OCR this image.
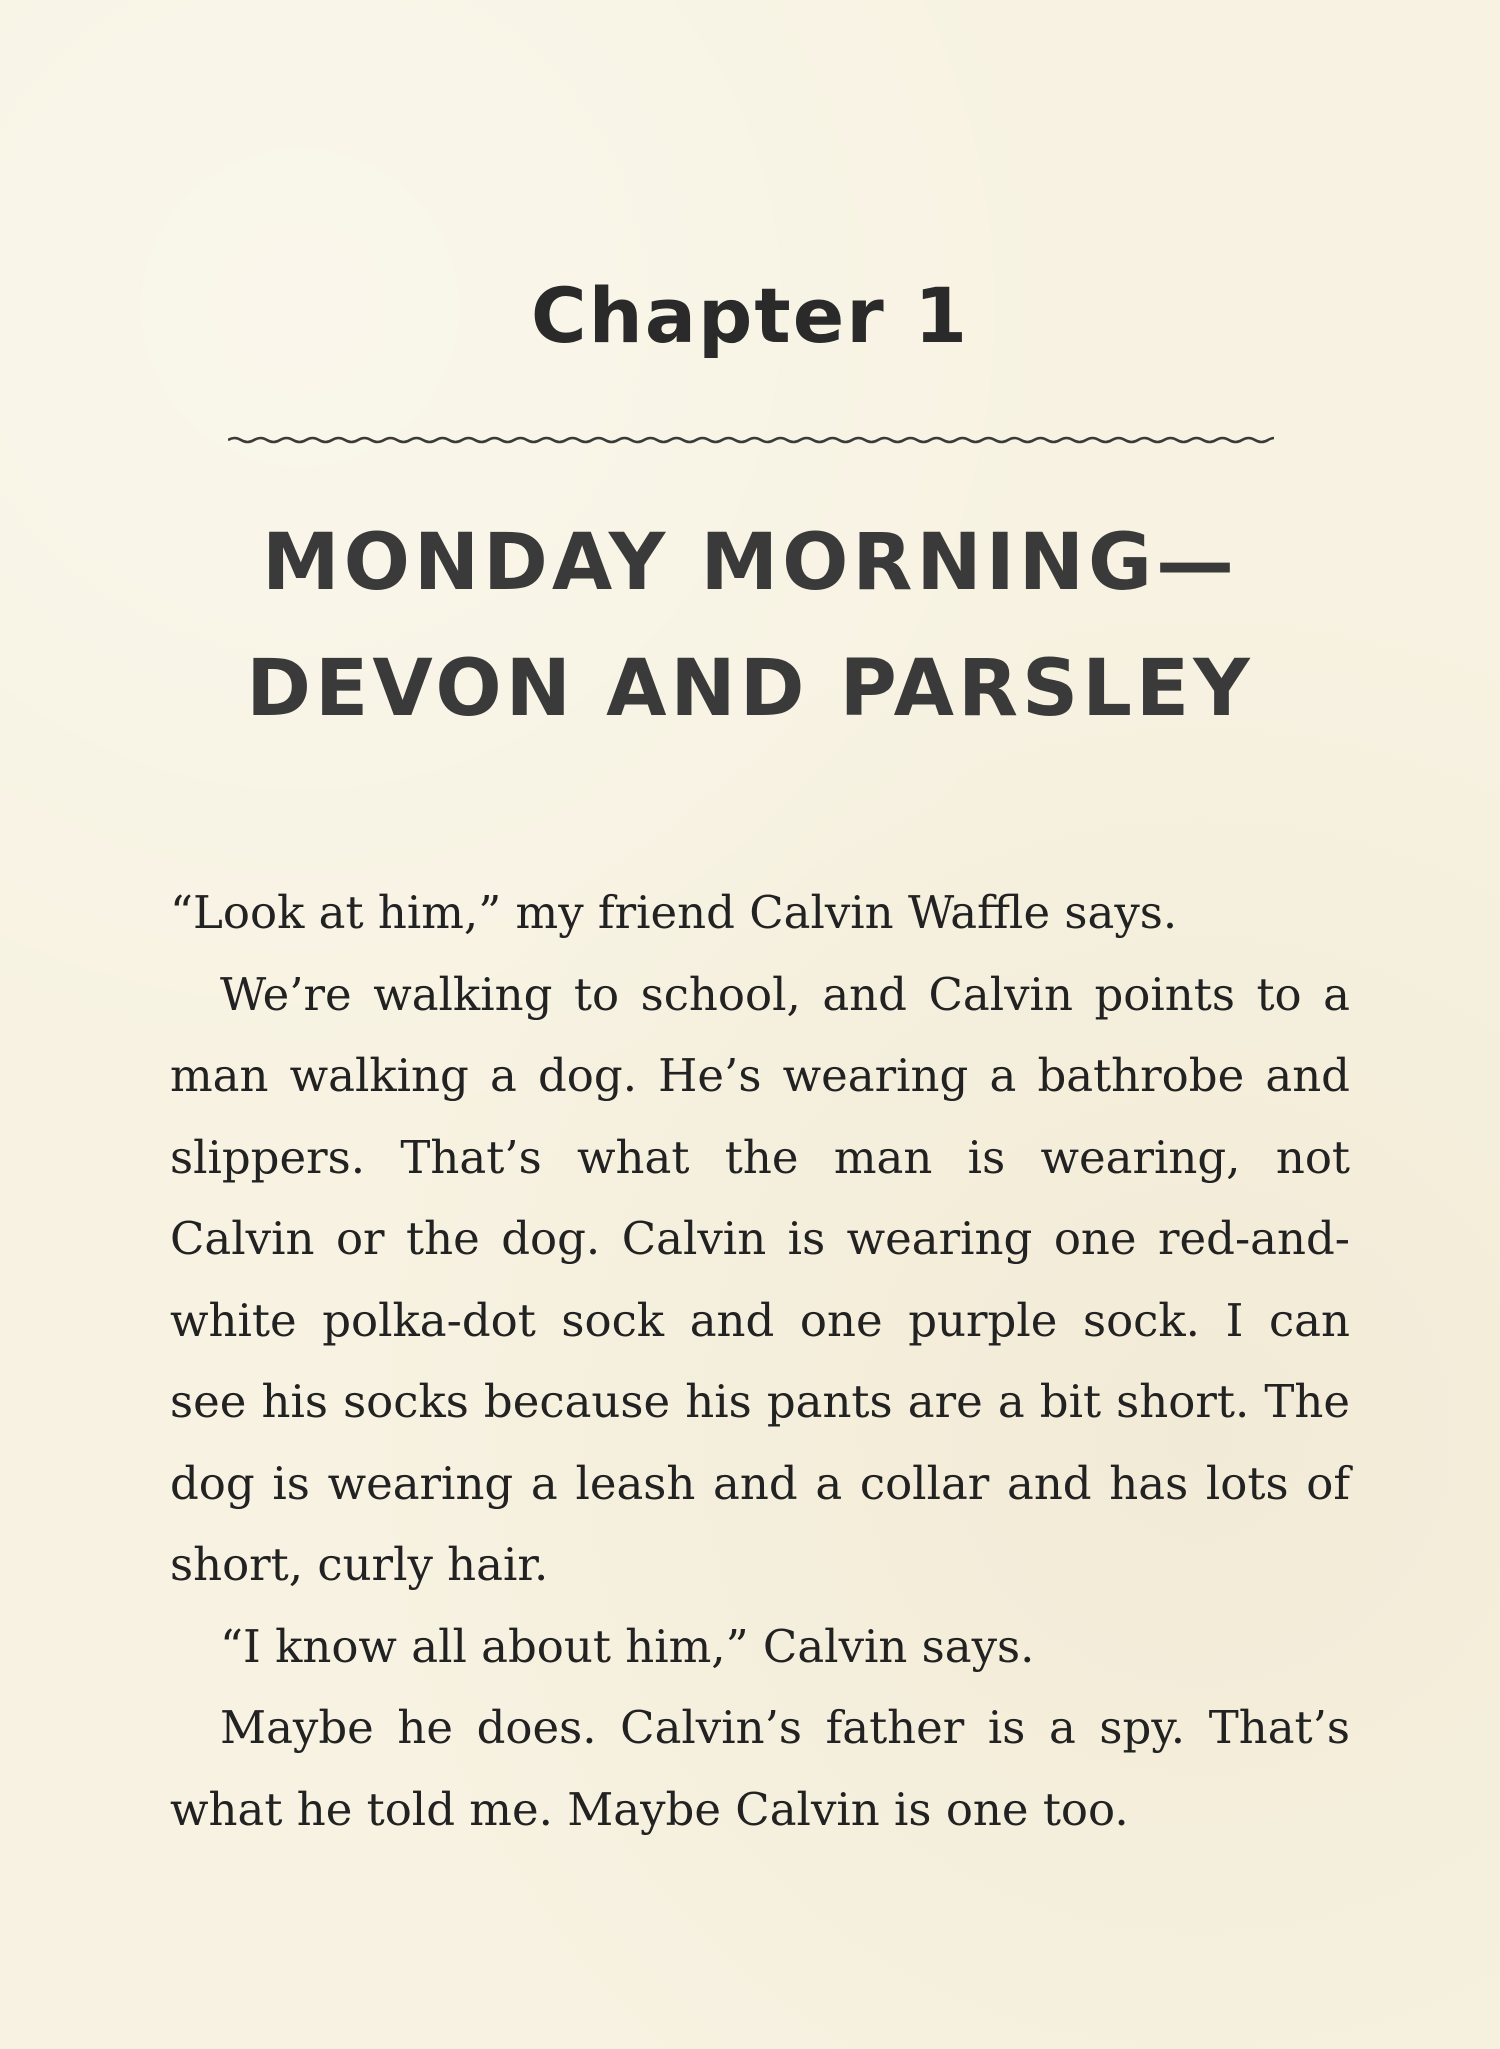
Chapter 1
MONDAY MORNING—
DEVON AND PARSLEY

“Look at him,” my friend Calvin Waffle says.

We’re walking to school, and Calvin points to a man walking a dog. He’s wearing a bathrobe and slippers. That’s what the man is wearing, not Calvin or the dog. Calvin is wearing one red-and-white polka-dot sock and one purple sock. I can see his socks because his pants are a bit short. The dog is wearing a leash and a collar and has lots of short, curly hair.

“I know all about him,” Calvin says.

Maybe he does. Calvin’s father is a spy. That’s what he told me. Maybe Calvin is one too.
